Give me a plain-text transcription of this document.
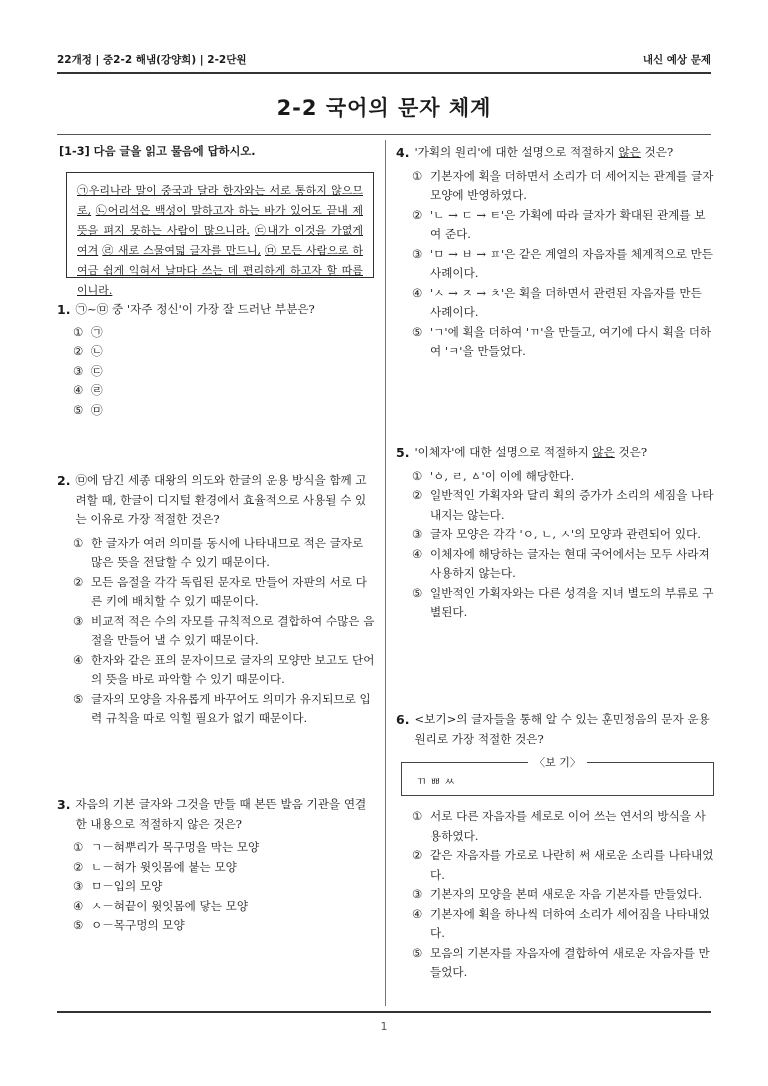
22개정 | 중2-2 해냄(강양희) | 2-2단원	내신 예상 문제
2-2 국어의 문자 체계
[1-3] 다음 글을 읽고 물음에 답하시오.
㉠우리나라 말이 중국과 달라 한자와는 서로 통하지 않으므로, ㉡어리석은 백성이 말하고자 하는 바가 있어도 끝내 제 뜻을 펴지 못하는 사람이 많으니라. ㉢내가 이것을 가엾게 여겨 ㉣ 새로 스물여덟 글자를 만드니, ㉤ 모든 사람으로 하여금 쉽게 익혀서 날마다 쓰는 데 편리하게 하고자 할 따름이니라.
1. ㉠~㉤ 중 '자주 정신'이 가장 잘 드러난 부분은?
① ㉠
② ㉡
③ ㉢
④ ㉣
⑤ ㉤
2. ㉤에 담긴 세종 대왕의 의도와 한글의 운용 방식을 함께 고려할 때, 한글이 디지털 환경에서 효율적으로 사용될 수 있는 이유로 가장 적절한 것은?
① 한 글자가 여러 의미를 동시에 나타내므로 적은 글자로 많은 뜻을 전달할 수 있기 때문이다.
② 모든 음절을 각각 독립된 문자로 만들어 자판의 서로 다른 키에 배치할 수 있기 때문이다.
③ 비교적 적은 수의 자모를 규칙적으로 결합하여 수많은 음절을 만들어 낼 수 있기 때문이다.
④ 한자와 같은 표의 문자이므로 글자의 모양만 보고도 단어의 뜻을 바로 파악할 수 있기 때문이다.
⑤ 글자의 모양을 자유롭게 바꾸어도 의미가 유지되므로 입력 규칙을 따로 익힐 필요가 없기 때문이다.
3. 자음의 기본 글자와 그것을 만들 때 본뜬 발음 기관을 연결한 내용으로 적절하지 않은 것은?
① ㄱ－혀뿌리가 목구멍을 막는 모양
② ㄴ－혀가 윗잇몸에 붙는 모양
③ ㅁ－입의 모양
④ ㅅ－혀끝이 윗잇몸에 닿는 모양
⑤ ㅇ－목구멍의 모양
4. '가획의 원리'에 대한 설명으로 적절하지 않은 것은?
① 기본자에 획을 더하면서 소리가 더 세어지는 관계를 글자 모양에 반영하였다.
② 'ㄴ → ㄷ → ㅌ'은 가획에 따라 글자가 확대된 관계를 보여 준다.
③ 'ㅁ → ㅂ → ㅍ'은 같은 계열의 자음자를 체계적으로 만든 사례이다.
④ 'ㅅ → ㅈ → ㅊ'은 획을 더하면서 관련된 자음자를 만든 사례이다.
⑤ 'ㄱ'에 획을 더하여 'ㄲ'을 만들고, 여기에 다시 획을 더하여 'ㅋ'을 만들었다.
5. '이체자'에 대한 설명으로 적절하지 않은 것은?
① 'ㆁ, ㄹ, ㅿ'이 이에 해당한다.
② 일반적인 가획자와 달리 획의 증가가 소리의 세짐을 나타내지는 않는다.
③ 글자 모양은 각각 'ㅇ, ㄴ, ㅅ'의 모양과 관련되어 있다.
④ 이체자에 해당하는 글자는 현대 국어에서는 모두 사라져 사용하지 않는다.
⑤ 일반적인 가획자와는 다른 성격을 지녀 별도의 부류로 구별된다.
6. <보기>의 글자들을 통해 알 수 있는 훈민정음의 문자 운용 원리로 가장 적절한 것은?
ㄲ ㅃ ㅆ
〈보 기〉
① 서로 다른 자음자를 세로로 이어 쓰는 연서의 방식을 사용하였다.
② 같은 자음자를 가로로 나란히 써 새로운 소리를 나타내었다.
③ 기본자의 모양을 본떠 새로운 자음 기본자를 만들었다.
④ 기본자에 획을 하나씩 더하여 소리가 세어짐을 나타내었다.
⑤ 모음의 기본자를 자음자에 결합하여 새로운 자음자를 만들었다.
1
